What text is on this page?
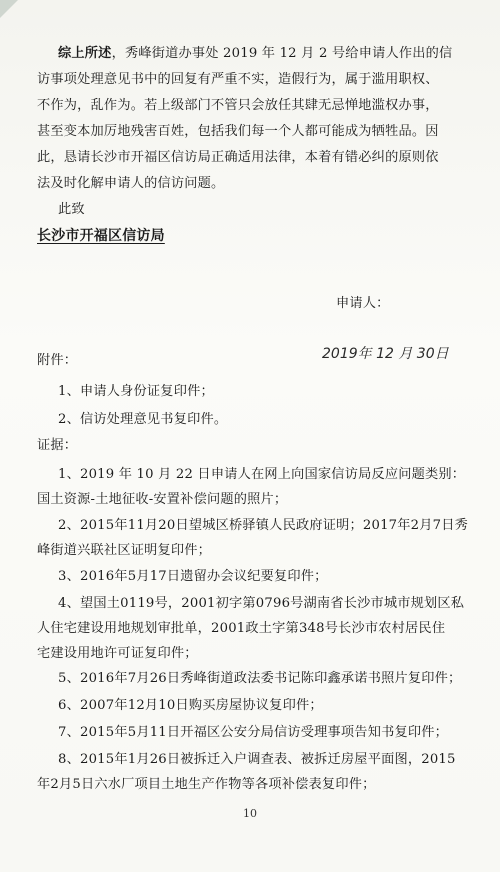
综上所述，秀峰街道办事处 2019 年 12 月 2 号给申请人作出的信
访事项处理意见书中的回复有严重不实，造假行为，属于滥用职权、
不作为，乱作为。若上级部门不管只会放任其肆无忌惮地滥权办事，
甚至变本加厉地残害百姓，包括我们每一个人都可能成为牺牲品。因
此，恳请长沙市开福区信访局正确适用法律，本着有错必纠的原则依
法及时化解申请人的信访问题。
此致
长沙市开福区信访局
申请人：
2019年 12 月 30日
附件：
1、申请人身份证复印件；
2、信访处理意见书复印件。
证据：
1、2019 年 10 月 22 日申请人在网上向国家信访局反应问题类别：
国土资源-土地征收-安置补偿问题的照片；
2、2015年11月20日望城区桥驿镇人民政府证明；2017年2月7日秀
峰街道兴联社区证明复印件；
3、2016年5月17日遗留办会议纪要复印件；
4、望国土0119号，2001初字第0796号湖南省长沙市城市规划区私
人住宅建设用地规划审批单，2001政土字第348号长沙市农村居民住
宅建设用地许可证复印件；
5、2016年7月26日秀峰街道政法委书记陈印鑫承诺书照片复印件；
6、2007年12月10日购买房屋协议复印件；
7、2015年5月11日开福区公安分局信访受理事项告知书复印件；
8、2015年1月26日被拆迁入户调查表、被拆迁房屋平面图，2015
年2月5日六水厂项目土地生产作物等各项补偿表复印件；
10
